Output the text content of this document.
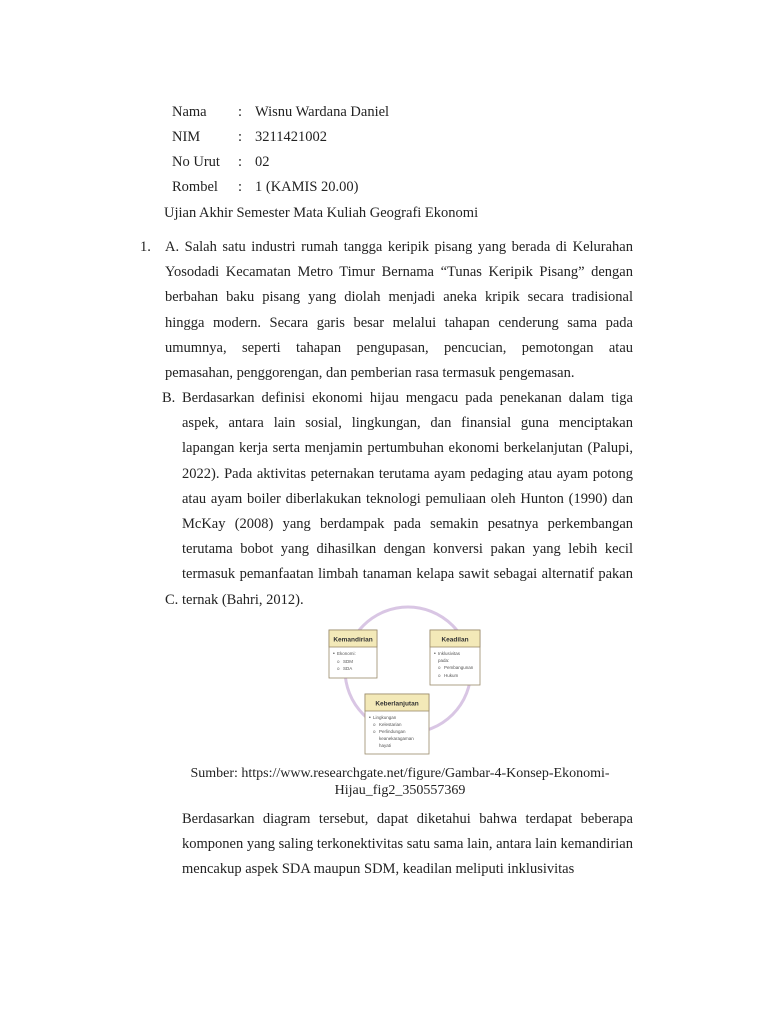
Nama	: Wisnu Wardana Daniel
NIM	: 3211421002
No Urut	: 02
Rombel	: 1 (KAMIS 20.00)
Ujian Akhir Semester Mata Kuliah Geografi Ekonomi
1. A. Salah satu industri rumah tangga keripik pisang yang berada di Kelurahan Yosodadi Kecamatan Metro Timur Bernama “Tunas Keripik Pisang” dengan berbahan baku pisang yang diolah menjadi aneka kripik secara tradisional hingga modern. Secara garis besar melalui tahapan cenderung sama pada umumnya, seperti tahapan pengupasan, pencucian, pemotongan atau pemasahan, penggorengan, dan pemberian rasa termasuk pengemasan.
B. Berdasarkan definisi ekonomi hijau mengacu pada penekanan dalam tiga aspek, antara lain sosial, lingkungan, dan finansial guna menciptakan lapangan kerja serta menjamin pertumbuhan ekonomi berkelanjutan (Palupi, 2022). Pada aktivitas peternakan terutama ayam pedaging atau ayam potong atau ayam boiler diberlakukan teknologi pemuliaan oleh Hunton (1990) dan McKay (2008) yang berdampak pada semakin pesatnya perkembangan terutama bobot yang dihasilkan dengan konversi pakan yang lebih kecil termasuk pemanfaatan limbah tanaman kelapa sawit sebagai alternatif pakan ternak (Bahri, 2012).
C.
Kemandirian
• Ekonomi:
o SDM
o SDA
Keadilan
• Inklusivitas
pada:
o Pembangunan
o Hukum
Keberlanjutan
• Lingkungan
o Kelestarian
o Perlindungan
keanekaragaman
hayati
Sumber: https://www.researchgate.net/figure/Gambar-4-Konsep-Ekonomi-Hijau_fig2_350557369
Berdasarkan diagram tersebut, dapat diketahui bahwa terdapat beberapa komponen yang saling terkonektivitas satu sama lain, antara lain kemandirian mencakup aspek SDA maupun SDM, keadilan meliputi inklusivitas
